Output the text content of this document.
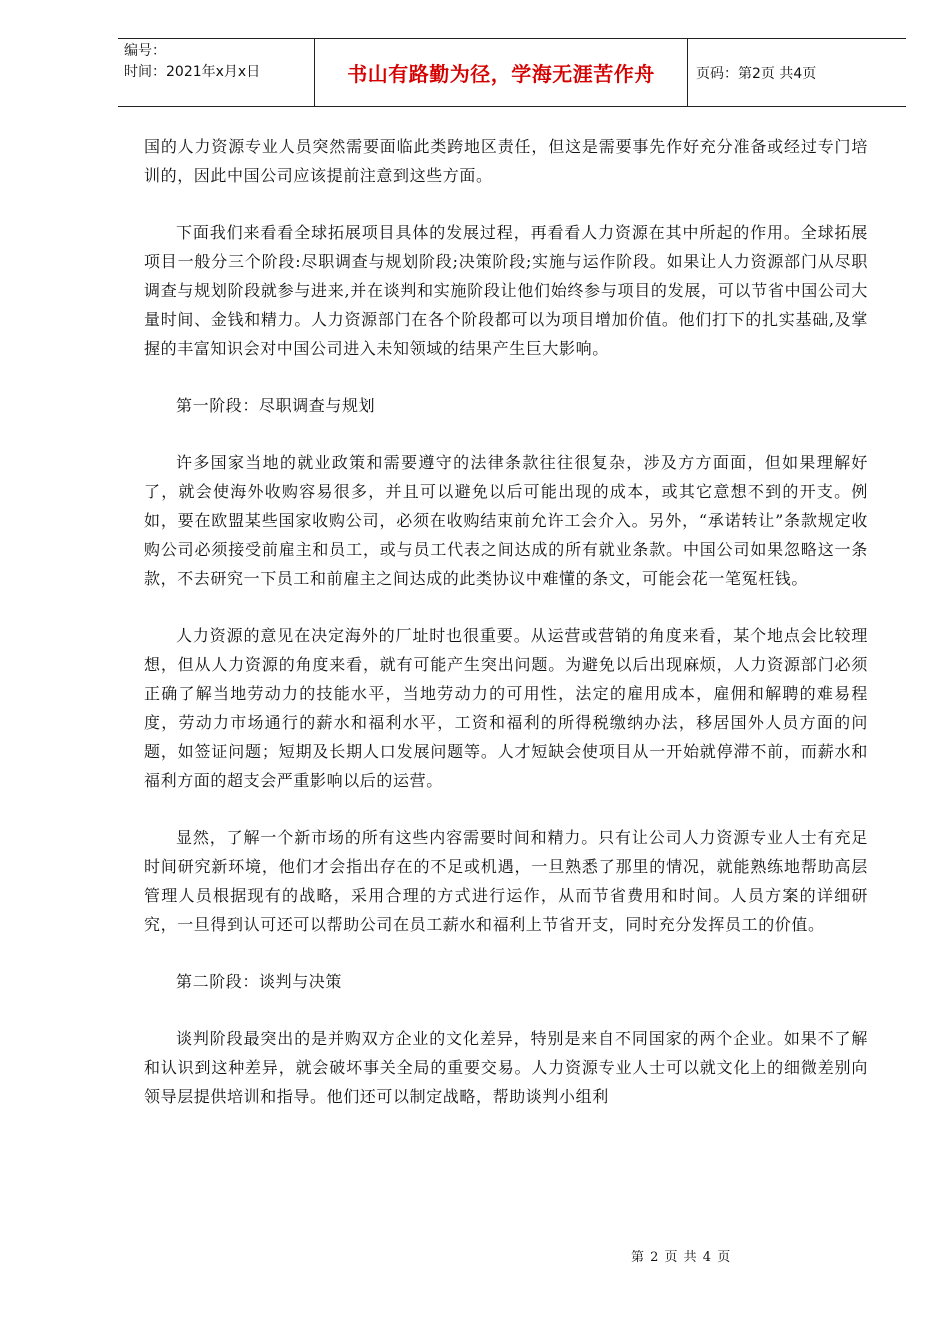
编号：
时间：2021年x月x日	书山有路勤为径，学海无涯苦作舟	页码：第2页 共4页

国的人力资源专业人员突然需要面临此类跨地区责任，但这是需要事先作好充分准备或经过专门培训的，因此中国公司应该提前注意到这些方面。

下面我们来看看全球拓展项目具体的发展过程，再看看人力资源在其中所起的作用。全球拓展项目一般分三个阶段:尽职调查与规划阶段;决策阶段;实施与运作阶段。如果让人力资源部门从尽职调查与规划阶段就参与进来,并在谈判和实施阶段让他们始终参与项目的发展，可以节省中国公司大量时间、金钱和精力。人力资源部门在各个阶段都可以为项目增加价值。他们打下的扎实基础,及掌握的丰富知识会对中国公司进入未知领域的结果产生巨大影响。

第一阶段：尽职调查与规划

许多国家当地的就业政策和需要遵守的法律条款往往很复杂，涉及方方面面，但如果理解好了，就会使海外收购容易很多，并且可以避免以后可能出现的成本，或其它意想不到的开支。例如，要在欧盟某些国家收购公司，必须在收购结束前允许工会介入。另外，“承诺转让”条款规定收购公司必须接受前雇主和员工，或与员工代表之间达成的所有就业条款。中国公司如果忽略这一条款，不去研究一下员工和前雇主之间达成的此类协议中难懂的条文，可能会花一笔冤枉钱。

人力资源的意见在决定海外的厂址时也很重要。从运营或营销的角度来看，某个地点会比较理想，但从人力资源的角度来看，就有可能产生突出问题。为避免以后出现麻烦，人力资源部门必须正确了解当地劳动力的技能水平，当地劳动力的可用性，法定的雇用成本，雇佣和解聘的难易程度，劳动力市场通行的薪水和福利水平，工资和福利的所得税缴纳办法，移居国外人员方面的问题，如签证问题；短期及长期人口发展问题等。人才短缺会使项目从一开始就停滞不前，而薪水和福利方面的超支会严重影响以后的运营。

显然，了解一个新市场的所有这些内容需要时间和精力。只有让公司人力资源专业人士有充足时间研究新环境，他们才会指出存在的不足或机遇，一旦熟悉了那里的情况，就能熟练地帮助高层管理人员根据现有的战略，采用合理的方式进行运作，从而节省费用和时间。人员方案的详细研究，一旦得到认可还可以帮助公司在员工薪水和福利上节省开支，同时充分发挥员工的价值。

第二阶段：谈判与决策

谈判阶段最突出的是并购双方企业的文化差异，特别是来自不同国家的两个企业。如果不了解和认识到这种差异，就会破坏事关全局的重要交易。人力资源专业人士可以就文化上的细微差别向领导层提供培训和指导。他们还可以制定战略，帮助谈判小组利

第 2 页 共 4 页
